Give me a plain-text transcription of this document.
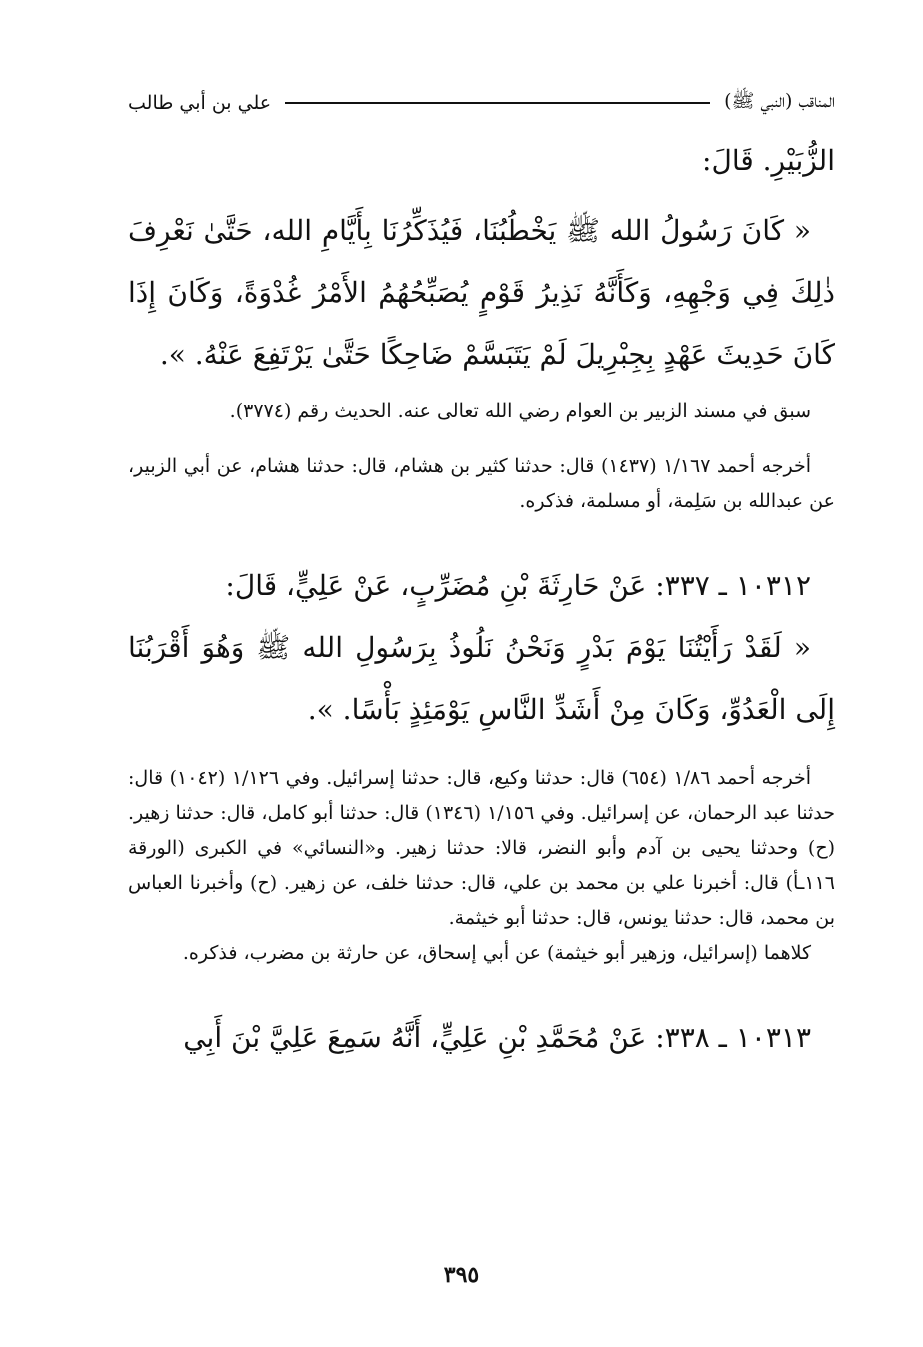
المناقب (النبي ﷺ)
علي بن أبي طالب

الزُّبَيْرِ. قَالَ:

« كَانَ رَسُولُ الله ﷺ يَخْطُبُنَا، فَيُذَكِّرُنَا بِأَيَّامِ الله، حَتَّىٰ نَعْرِفَ ذٰلِكَ فِي وَجْهِهِ، وَكَأَنَّهُ نَذِيرُ قَوْمٍ يُصَبِّحُهُمُ الأَمْرُ غُدْوَةً، وَكَانَ إِذَا كَانَ حَدِيثَ عَهْدٍ بِجِبْرِيلَ لَمْ يَتَبَسَّمْ ضَاحِكًا حَتَّىٰ يَرْتَفِعَ عَنْهُ. ».

سبق في مسند الزبير بن العوام رضي الله تعالى عنه. الحديث رقم (٣٧٧٤).

أخرجه أحمد ١/١٦٧ (١٤٣٧) قال: حدثنا كثير بن هشام، قال: حدثنا هشام، عن أبي الزبير، عن عبدالله بن سَلِمة، أو مسلمة، فذكره.

١٠٣١٢ ـ ٣٣٧: عَنْ حَارِثَةَ بْنِ مُضَرِّبٍ، عَنْ عَلِيٍّ، قَالَ:

« لَقَدْ رَأَيْتُنَا يَوْمَ بَدْرٍ وَنَحْنُ نَلُوذُ بِرَسُولِ الله ﷺ وَهُوَ أَقْرَبُنَا إِلَى الْعَدُوِّ، وَكَانَ مِنْ أَشَدِّ النَّاسِ يَوْمَئِذٍ بَأْسًا. ».

أخرجه أحمد ١/٨٦ (٦٥٤) قال: حدثنا وكيع، قال: حدثنا إسرائيل. وفي ١/١٢٦ (١٠٤٢) قال: حدثنا عبد الرحمان، عن إسرائيل. وفي ١/١٥٦ (١٣٤٦) قال: حدثنا أبو كامل، قال: حدثنا زهير. (ح) وحدثنا يحيى بن آدم وأبو النضر، قالا: حدثنا زهير. و«النسائي» في الكبرى (الورقة ١١٦ـأ) قال: أخبرنا علي بن محمد بن علي، قال: حدثنا خلف، عن زهير. (ح) وأخبرنا العباس بن محمد، قال: حدثنا يونس، قال: حدثنا أبو خيثمة.

كلاهما (إسرائيل، وزهير أبو خيثمة) عن أبي إسحاق، عن حارثة بن مضرب، فذكره.

١٠٣١٣ ـ ٣٣٨: عَنْ مُحَمَّدِ بْنِ عَلِيٍّ، أَنَّهُ سَمِعَ عَلِيَّ بْنَ أَبِي

٣٩٥
